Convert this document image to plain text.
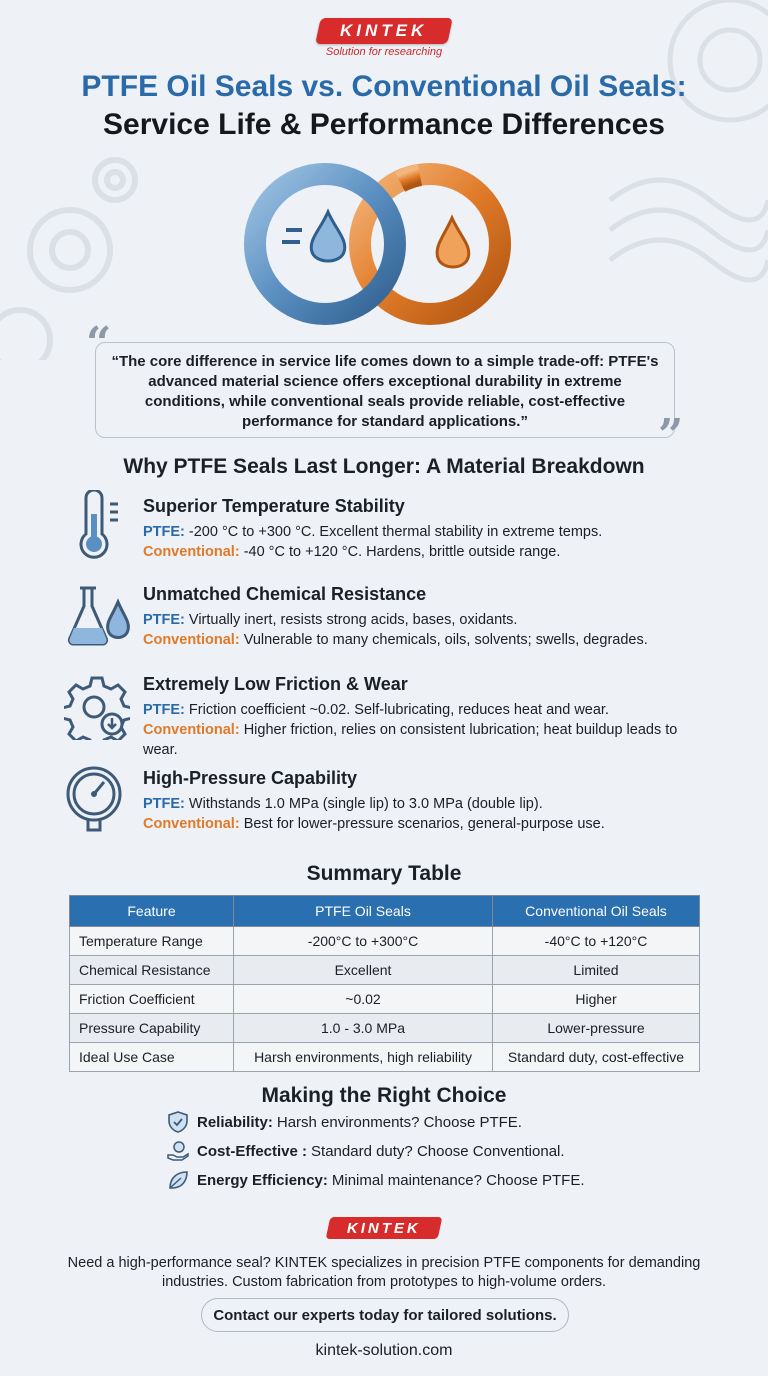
KINTEK
Solution for researching
PTFE Oil Seals vs. Conventional Oil Seals:
Service Life & Performance Differences
“
”
“The core difference in service life comes down to a simple trade-off: PTFE's advanced material science offers exceptional durability in extreme conditions, while conventional seals provide reliable, cost-effective performance for standard applications.”
Why PTFE Seals Last Longer: A Material Breakdown
Superior Temperature Stability
PTFE: -200 °C to +300 °C. Excellent thermal stability in extreme temps.
Conventional: -40 °C to +120 °C. Hardens, brittle outside range.
Unmatched Chemical Resistance
PTFE: Virtually inert, resists strong acids, bases, oxidants.
Conventional: Vulnerable to many chemicals, oils, solvents; swells, degrades.
Extremely Low Friction & Wear
PTFE: Friction coefficient ~0.02. Self-lubricating, reduces heat and wear.
Conventional: Higher friction, relies on consistent lubrication; heat buildup leads to wear.
High-Pressure Capability
PTFE: Withstands 1.0 MPa (single lip) to 3.0 MPa (double lip).
Conventional: Best for lower-pressure scenarios, general-purpose use.
Summary Table
Feature	PTFE Oil Seals	Conventional Oil Seals
Temperature Range	-200°C to +300°C	-40°C to +120°C
Chemical Resistance	Excellent	Limited
Friction Coefficient	~0.02	Higher
Pressure Capability	1.0 - 3.0 MPa	Lower-pressure
Ideal Use Case	Harsh environments, high reliability	Standard duty, cost-effective
Making the Right Choice
Reliability: Harsh environments? Choose PTFE.
Cost-Effective : Standard duty? Choose Conventional.
Energy Efficiency: Minimal maintenance? Choose PTFE.
KINTEK
Need a high-performance seal? KINTEK specializes in precision PTFE components for demanding industries. Custom fabrication from prototypes to high-volume orders.
Contact our experts today for tailored solutions.
kintek-solution.com
